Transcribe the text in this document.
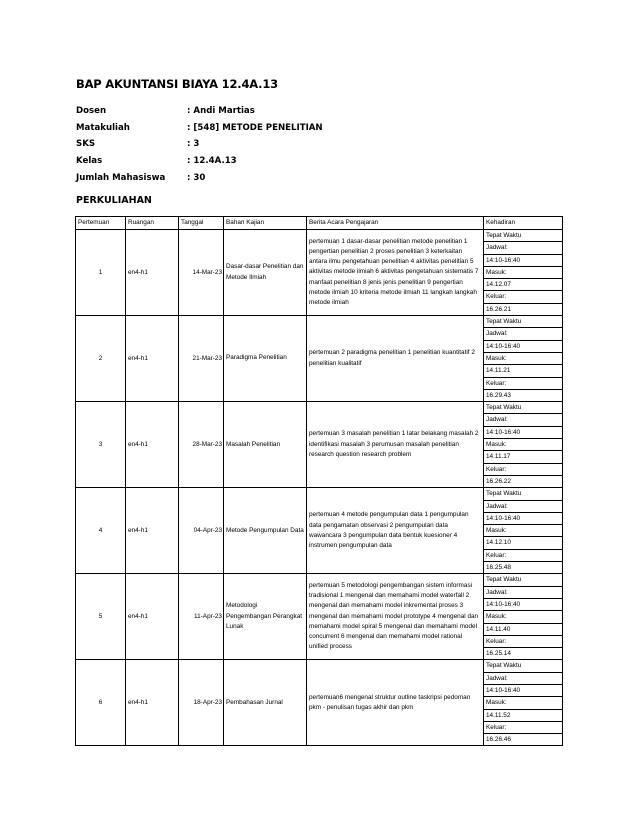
BAP AKUNTANSI BIAYA 12.4A.13
Dosen	: Andi Martias
Matakuliah	: [548] METODE PENELITIAN
SKS	: 3
Kelas	: 12.4A.13
Jumlah Mahasiswa	: 30
PERKULIAHAN
Pertemuan	Ruangan	Tanggal	Bahan Kajian	Berita Acara Pengajaran	Kehadiran
1	en4-h1	14-Mar-23	Dasar-dasar Penelitian dan Metode Ilmiah	pertemuan 1 dasar-dasar penelitian metode penelitian 1 pengertian penelitian 2 proses penelitian 3 keterkaitan antara ilmu pengetahuan penelitian 4 aktivitas penelitian 5 aktivitas metode ilmiah 6 aktivitas pengetahuan sistematis 7 manfaat penelitian 8 jenis jenis penelitian 9 pengertian metode ilmiah 10 kriteria metode ilmiah 11 langkah langkah metode ilmiah	Tepat Waktu
					Jadwal:
					14:10-16:40
					Masuk:
					14.12.07
					Keluar:
					16.26.21
2	en4-h1	21-Mar-23	Paradigma Penelitian	pertemuan 2 paradigma penelitian 1 penelitian kuantitatif 2 penelitian kualitatif	Tepat Waktu
					Jadwal:
					14:10-16:40
					Masuk:
					14.11.21
					Keluar:
					16.29.43
3	en4-h1	28-Mar-23	Masalah Penelitian	pertemuan 3 masalah penelitian 1 latar belakang masalah 2 identifikasi masalah 3 perumusan masalah penelitian research question research problem	Tepat Waktu
					Jadwal:
					14:10-16:40
					Masuk:
					14.11.17
					Keluar:
					16.26.22
4	en4-h1	04-Apr-23	Metode Pengumpulan Data	pertemuan 4 metode pengumpulan data 1 pengumpulan data pengamatan observasi 2 pengumpulan data wawancara 3 pengumpulan data bentuk kuesioner 4 instrumen pengumpulan data	Tepat Waktu
					Jadwal:
					14:10-16:40
					Masuk:
					14.12.10
					Keluar:
					16.25.48
5	en4-h1	11-Apr-23	Metodologi Pengembangan Perangkat Lunak	pertemuan 5 metodologi pengembangan sistem informasi tradisional 1 mengenal dan memahami model waterfall 2 mengenal dan memahami model inkremental proses 3 mengenal dan memahami model prototype 4 mengenal dan memahami model spiral 5 mengenal dan memahami model concurrent 6 mengenal dan memahami model rational unified process	Tepat Waktu
					Jadwal:
					14:10-16:40
					Masuk:
					14.11.40
					Keluar:
					16.25.14
6	en4-h1	18-Apr-23	Pembahasan Jurnal	pertemuan6 mengenal struktur outline taskripsi pedoman pkm - penulisan tugas akhir dan pkm	Tepat Waktu
					Jadwal:
					14:10-16:40
					Masuk:
					14.11.52
					Keluar:
					16.26.46
